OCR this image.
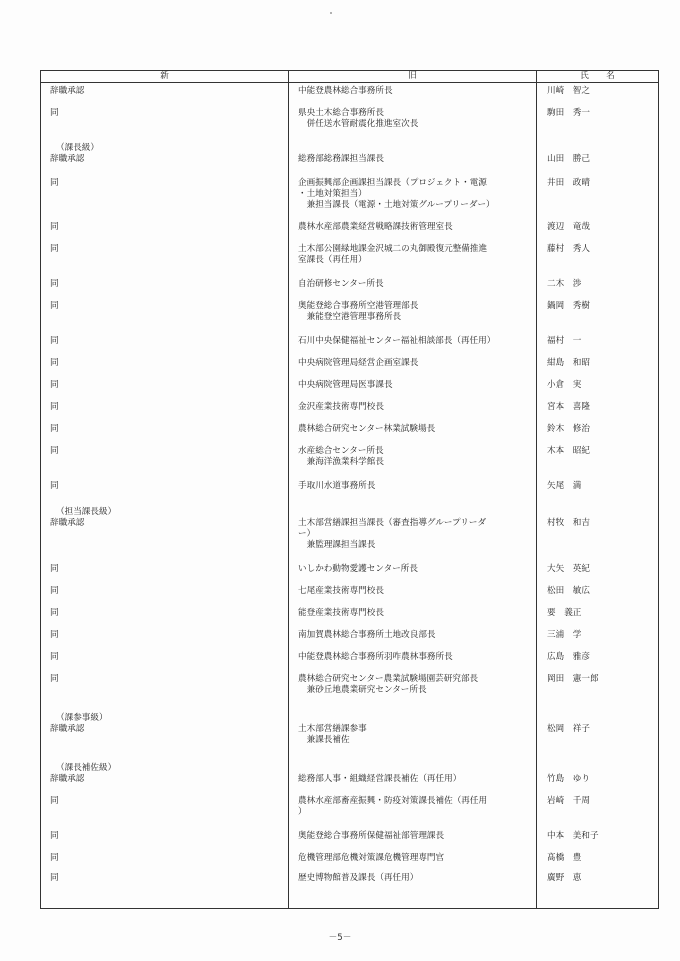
新	旧	氏　　名

辞職承認	中能登農林総合事務所長	川崎　智之

同	県央土木総合事務所長
　併任送水管耐震化推進室次長	駒田　秀一

（課長級）
辞職承認	総務部総務課担当課長	山田　勝己

同	企画振興部企画課担当課長（プロジェクト・電源
・土地対策担当）
　兼担当課長（電源・土地対策グループリーダー）	井田　政晴

同	農林水産部農業経営戦略課技術管理室長	渡辺　竜哉

同	土木部公園緑地課金沢城二の丸御殿復元整備推進
室課長（再任用）	藤村　秀人

同	自治研修センター所長	二木　渉

同	奥能登総合事務所空港管理部長
　兼能登空港管理事務所長	鍋岡　秀樹

同	石川中央保健福祉センター福祉相談部長（再任用）	福村　一

同	中央病院管理局経営企画室課長	紺島　和昭

同	中央病院管理局医事課長	小倉　実

同	金沢産業技術専門校長	宮本　喜隆

同	農林総合研究センター林業試験場長	鈴木　修治

同	水産総合センター所長
　兼海洋漁業科学館長	木本　昭紀

同	手取川水道事務所長	矢尾　満

（担当課長級）
辞職承認	土木部営繕課担当課長（審査指導グループリーダ
ー）
　兼監理課担当課長	村牧　和吉

同	いしかわ動物愛護センター所長	大矢　英紀

同	七尾産業技術専門校長	松田　敏広

同	能登産業技術専門校長	要　義正

同	南加賀農林総合事務所土地改良部長	三浦　学

同	中能登農林総合事務所羽咋農林事務所長	広島　雅彦

同	農林総合研究センター農業試験場園芸研究部長
　兼砂丘地農業研究センター所長	岡田　憲一郎

（課参事級）
辞職承認	土木部営繕課参事
　兼課長補佐	松岡　祥子

（課長補佐級）
辞職承認	総務部人事・組織経営課長補佐（再任用）	竹島　ゆり

同	農林水産部畜産振興・防疫対策課長補佐（再任用
）	岩崎　千周

同	奥能登総合事務所保健福祉部管理課長	中本　美和子

同	危機管理部危機対策課危機管理専門官	髙橋　豊

同	歴史博物館普及課長（再任用）	廣野　恵
－5－
